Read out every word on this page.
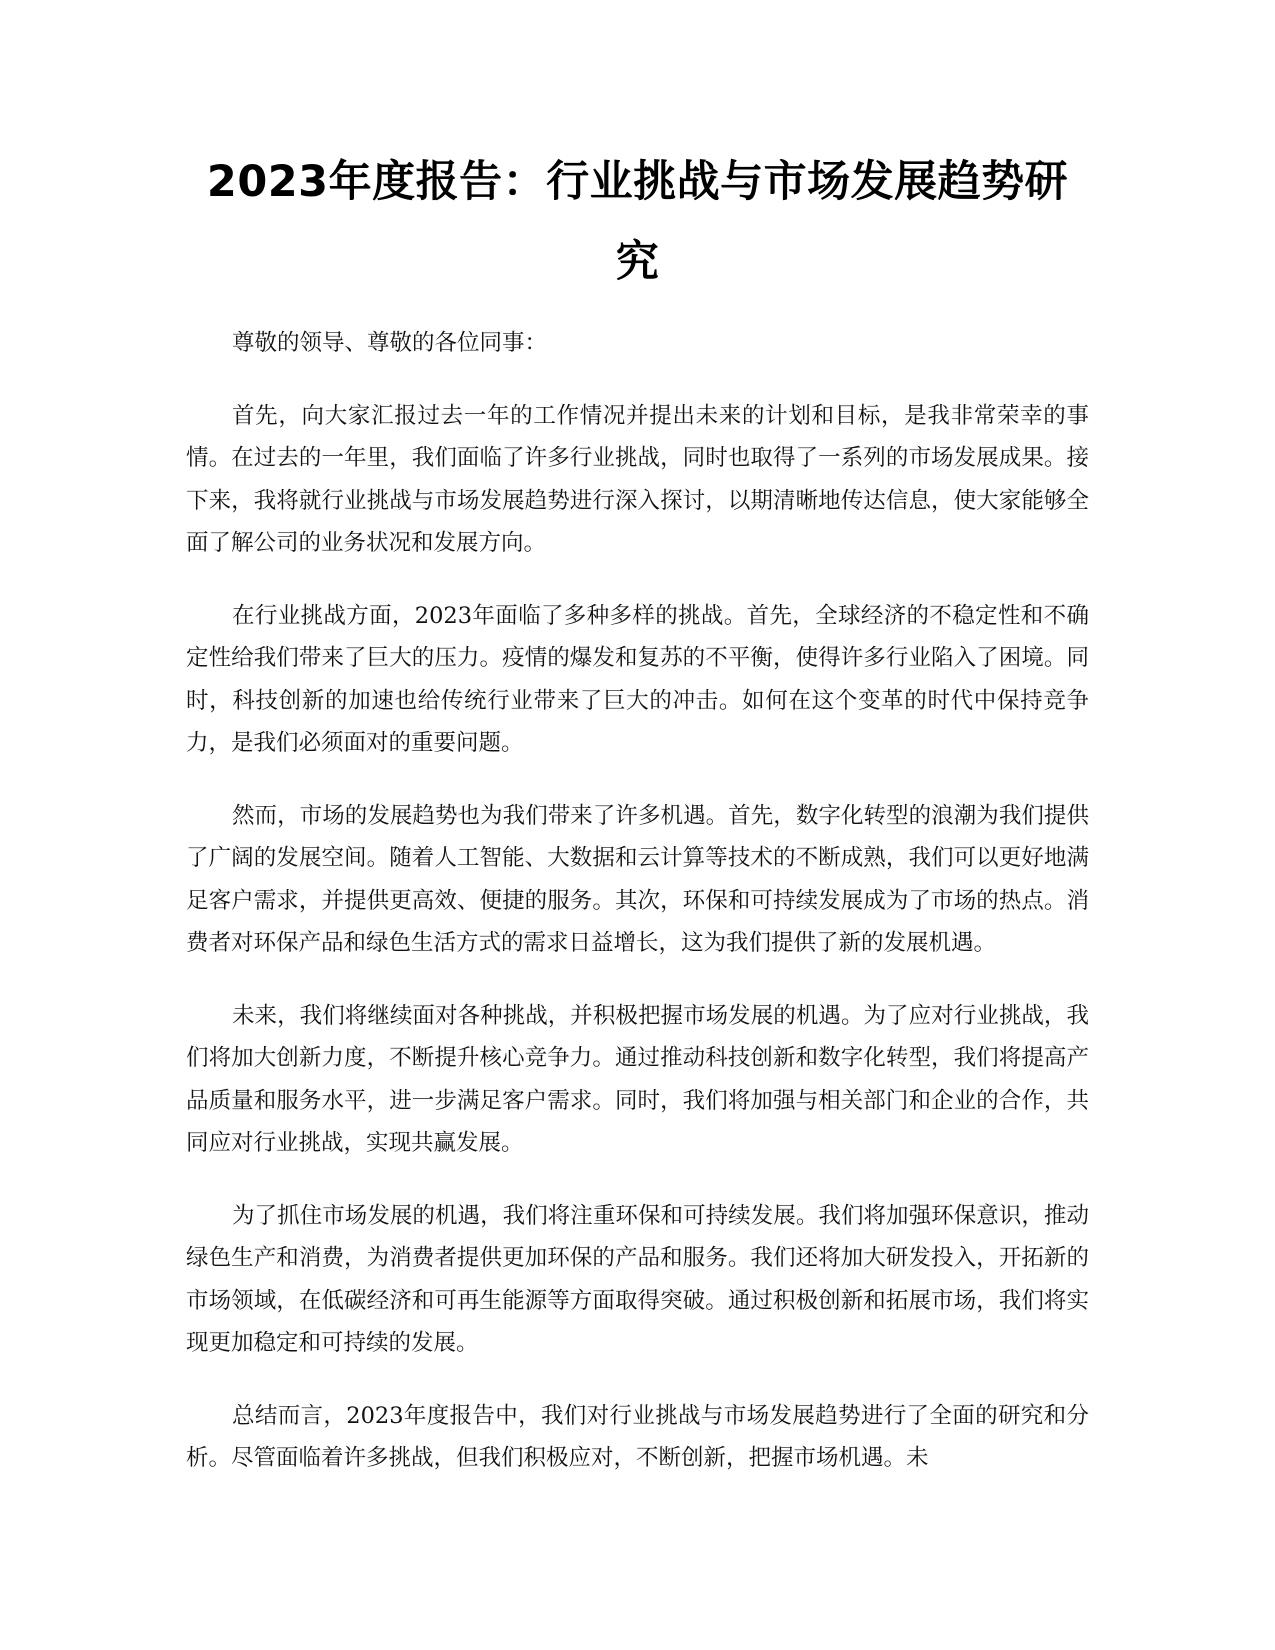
2023年度报告：行业挑战与市场发展趋势研究

尊敬的领导、尊敬的各位同事：

首先，向大家汇报过去一年的工作情况并提出未来的计划和目标，是我非常荣幸的事情。在过去的一年里，我们面临了许多行业挑战，同时也取得了一系列的市场发展成果。接下来，我将就行业挑战与市场发展趋势进行深入探讨，以期清晰地传达信息，使大家能够全面了解公司的业务状况和发展方向。

在行业挑战方面，2023年面临了多种多样的挑战。首先，全球经济的不稳定性和不确定性给我们带来了巨大的压力。疫情的爆发和复苏的不平衡，使得许多行业陷入了困境。同时，科技创新的加速也给传统行业带来了巨大的冲击。如何在这个变革的时代中保持竞争力，是我们必须面对的重要问题。

然而，市场的发展趋势也为我们带来了许多机遇。首先，数字化转型的浪潮为我们提供了广阔的发展空间。随着人工智能、大数据和云计算等技术的不断成熟，我们可以更好地满足客户需求，并提供更高效、便捷的服务。其次，环保和可持续发展成为了市场的热点。消费者对环保产品和绿色生活方式的需求日益增长，这为我们提供了新的发展机遇。

未来，我们将继续面对各种挑战，并积极把握市场发展的机遇。为了应对行业挑战，我们将加大创新力度，不断提升核心竞争力。通过推动科技创新和数字化转型，我们将提高产品质量和服务水平，进一步满足客户需求。同时，我们将加强与相关部门和企业的合作，共同应对行业挑战，实现共赢发展。

为了抓住市场发展的机遇，我们将注重环保和可持续发展。我们将加强环保意识，推动绿色生产和消费，为消费者提供更加环保的产品和服务。我们还将加大研发投入，开拓新的市场领域，在低碳经济和可再生能源等方面取得突破。通过积极创新和拓展市场，我们将实现更加稳定和可持续的发展。

总结而言，2023年度报告中，我们对行业挑战与市场发展趋势进行了全面的研究和分析。尽管面临着许多挑战，但我们积极应对，不断创新，把握市场机遇。未
